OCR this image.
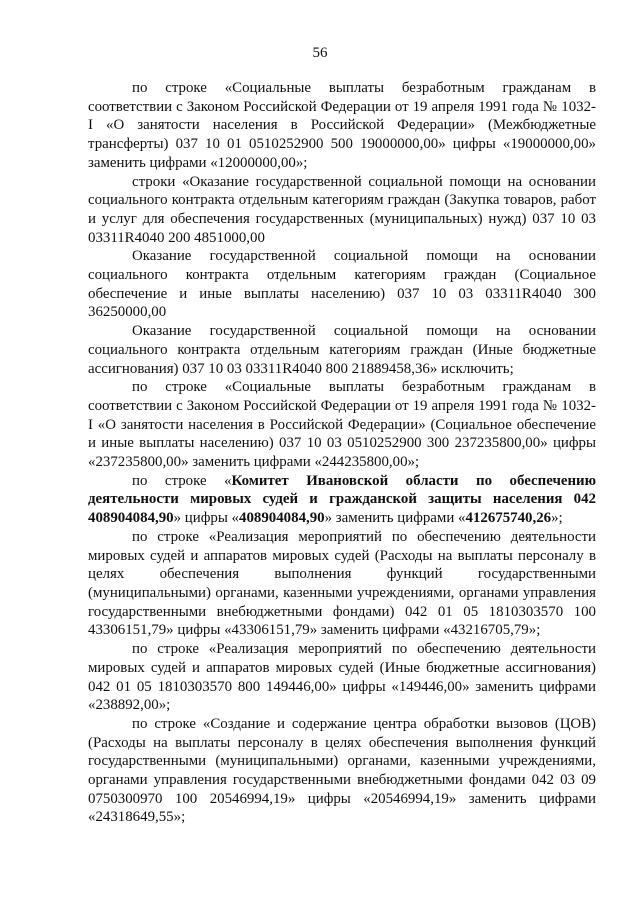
56

по строке «Социальные выплаты безработным гражданам в соответствии с Законом Российской Федерации от 19 апреля 1991 года № 1032-I «О занятости населения в Российской Федерации» (Межбюджетные трансферты) 037 10 01 0510252900 500 19000000,00» цифры «19000000,00» заменить цифрами «12000000,00»;

строки «Оказание государственной социальной помощи на основании социального контракта отдельным категориям граждан (Закупка товаров, работ и услуг для обеспечения государственных (муниципальных) нужд) 037 10 03 03311R4040 200 4851000,00

Оказание государственной социальной помощи на основании социального контракта отдельным категориям граждан (Социальное обеспечение и иные выплаты населению) 037 10 03 03311R4040 300 36250000,00

Оказание государственной социальной помощи на основании социального контракта отдельным категориям граждан (Иные бюджетные ассигнования) 037 10 03 03311R4040 800 21889458,36» исключить;

по строке «Социальные выплаты безработным гражданам в соответствии с Законом Российской Федерации от 19 апреля 1991 года № 1032-I «О занятости населения в Российской Федерации» (Социальное обеспечение и иные выплаты населению) 037 10 03 0510252900 300 237235800,00» цифры «237235800,00» заменить цифрами «244235800,00»;

по строке «Комитет Ивановской области по обеспечению деятельности мировых судей и гражданской защиты населения 042 408904084,90» цифры «408904084,90» заменить цифрами «412675740,26»;

по строке «Реализация мероприятий по обеспечению деятельности мировых судей и аппаратов мировых судей (Расходы на выплаты персоналу в целях обеспечения выполнения функций государственными (муниципальными) органами, казенными учреждениями, органами управления государственными внебюджетными фондами) 042 01 05 1810303570 100 43306151,79» цифры «43306151,79» заменить цифрами «43216705,79»;

по строке «Реализация мероприятий по обеспечению деятельности мировых судей и аппаратов мировых судей (Иные бюджетные ассигнования) 042 01 05 1810303570 800 149446,00» цифры «149446,00» заменить цифрами «238892,00»;

по строке «Создание и содержание центра обработки вызовов (ЦОВ) (Расходы на выплаты персоналу в целях обеспечения выполнения функций государственными (муниципальными) органами, казенными учреждениями, органами управления государственными внебюджетными фондами 042 03 09 0750300970 100 20546994,19» цифры «20546994,19» заменить цифрами «24318649,55»;
